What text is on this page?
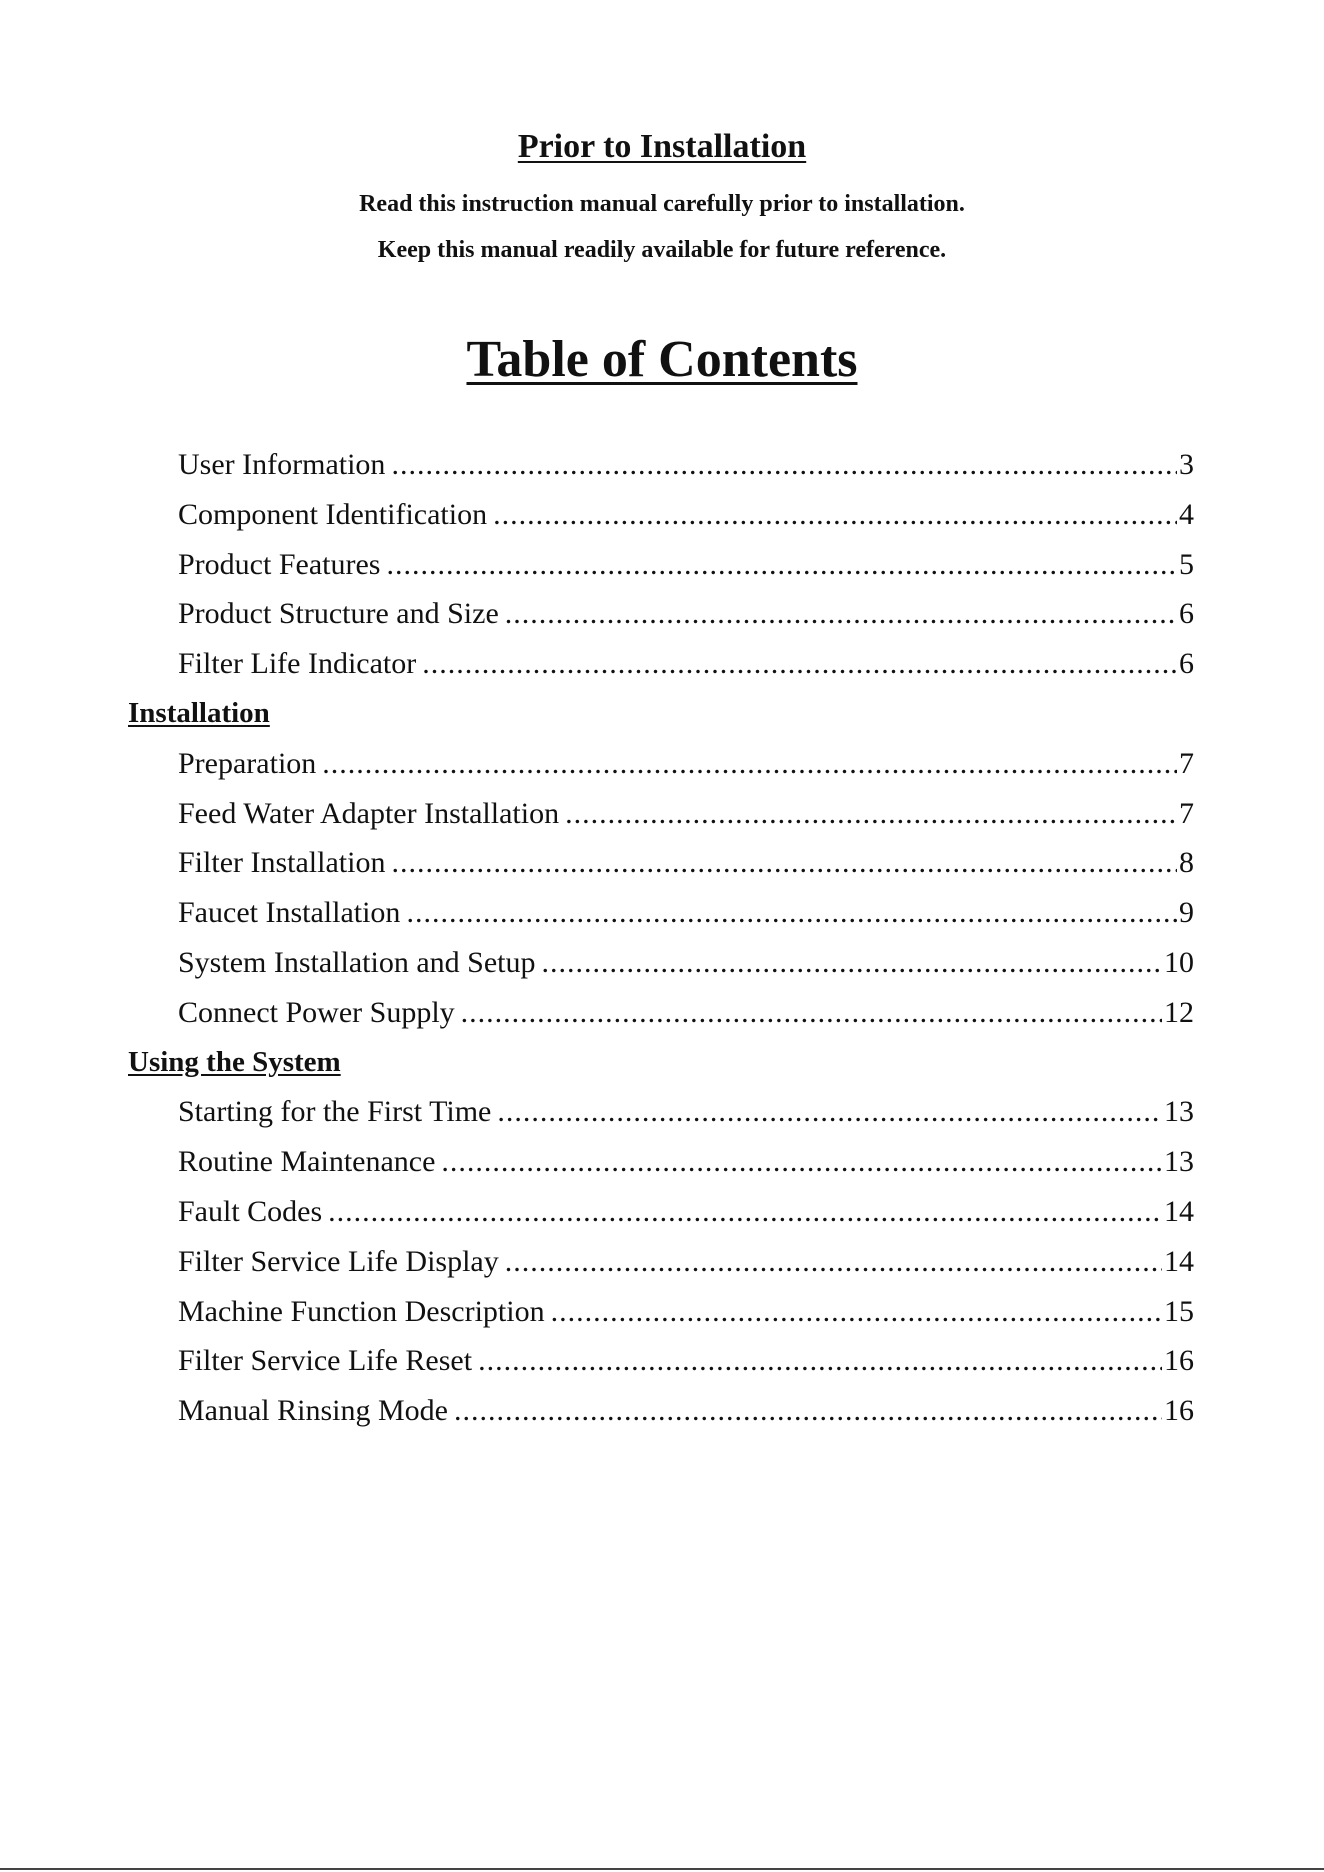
Prior to Installation
Read this instruction manual carefully prior to installation.
Keep this manual readily available for future reference.
Table of Contents
User Information .....	3
Component Identification .....	4
Product Features .....	5
Product Structure and Size .....	6
Filter Life Indicator .....	6
Installation
Preparation .....	7
Feed Water Adapter Installation .....	7
Filter Installation .....	8
Faucet Installation .....	9
System Installation and Setup .....	10
Connect Power Supply .....	12
Using the System
Starting for the First Time .....	13
Routine Maintenance .....	13
Fault Codes .....	14
Filter Service Life Display .....	14
Machine Function Description .....	15
Filter Service Life Reset .....	16
Manual Rinsing Mode .....	16
